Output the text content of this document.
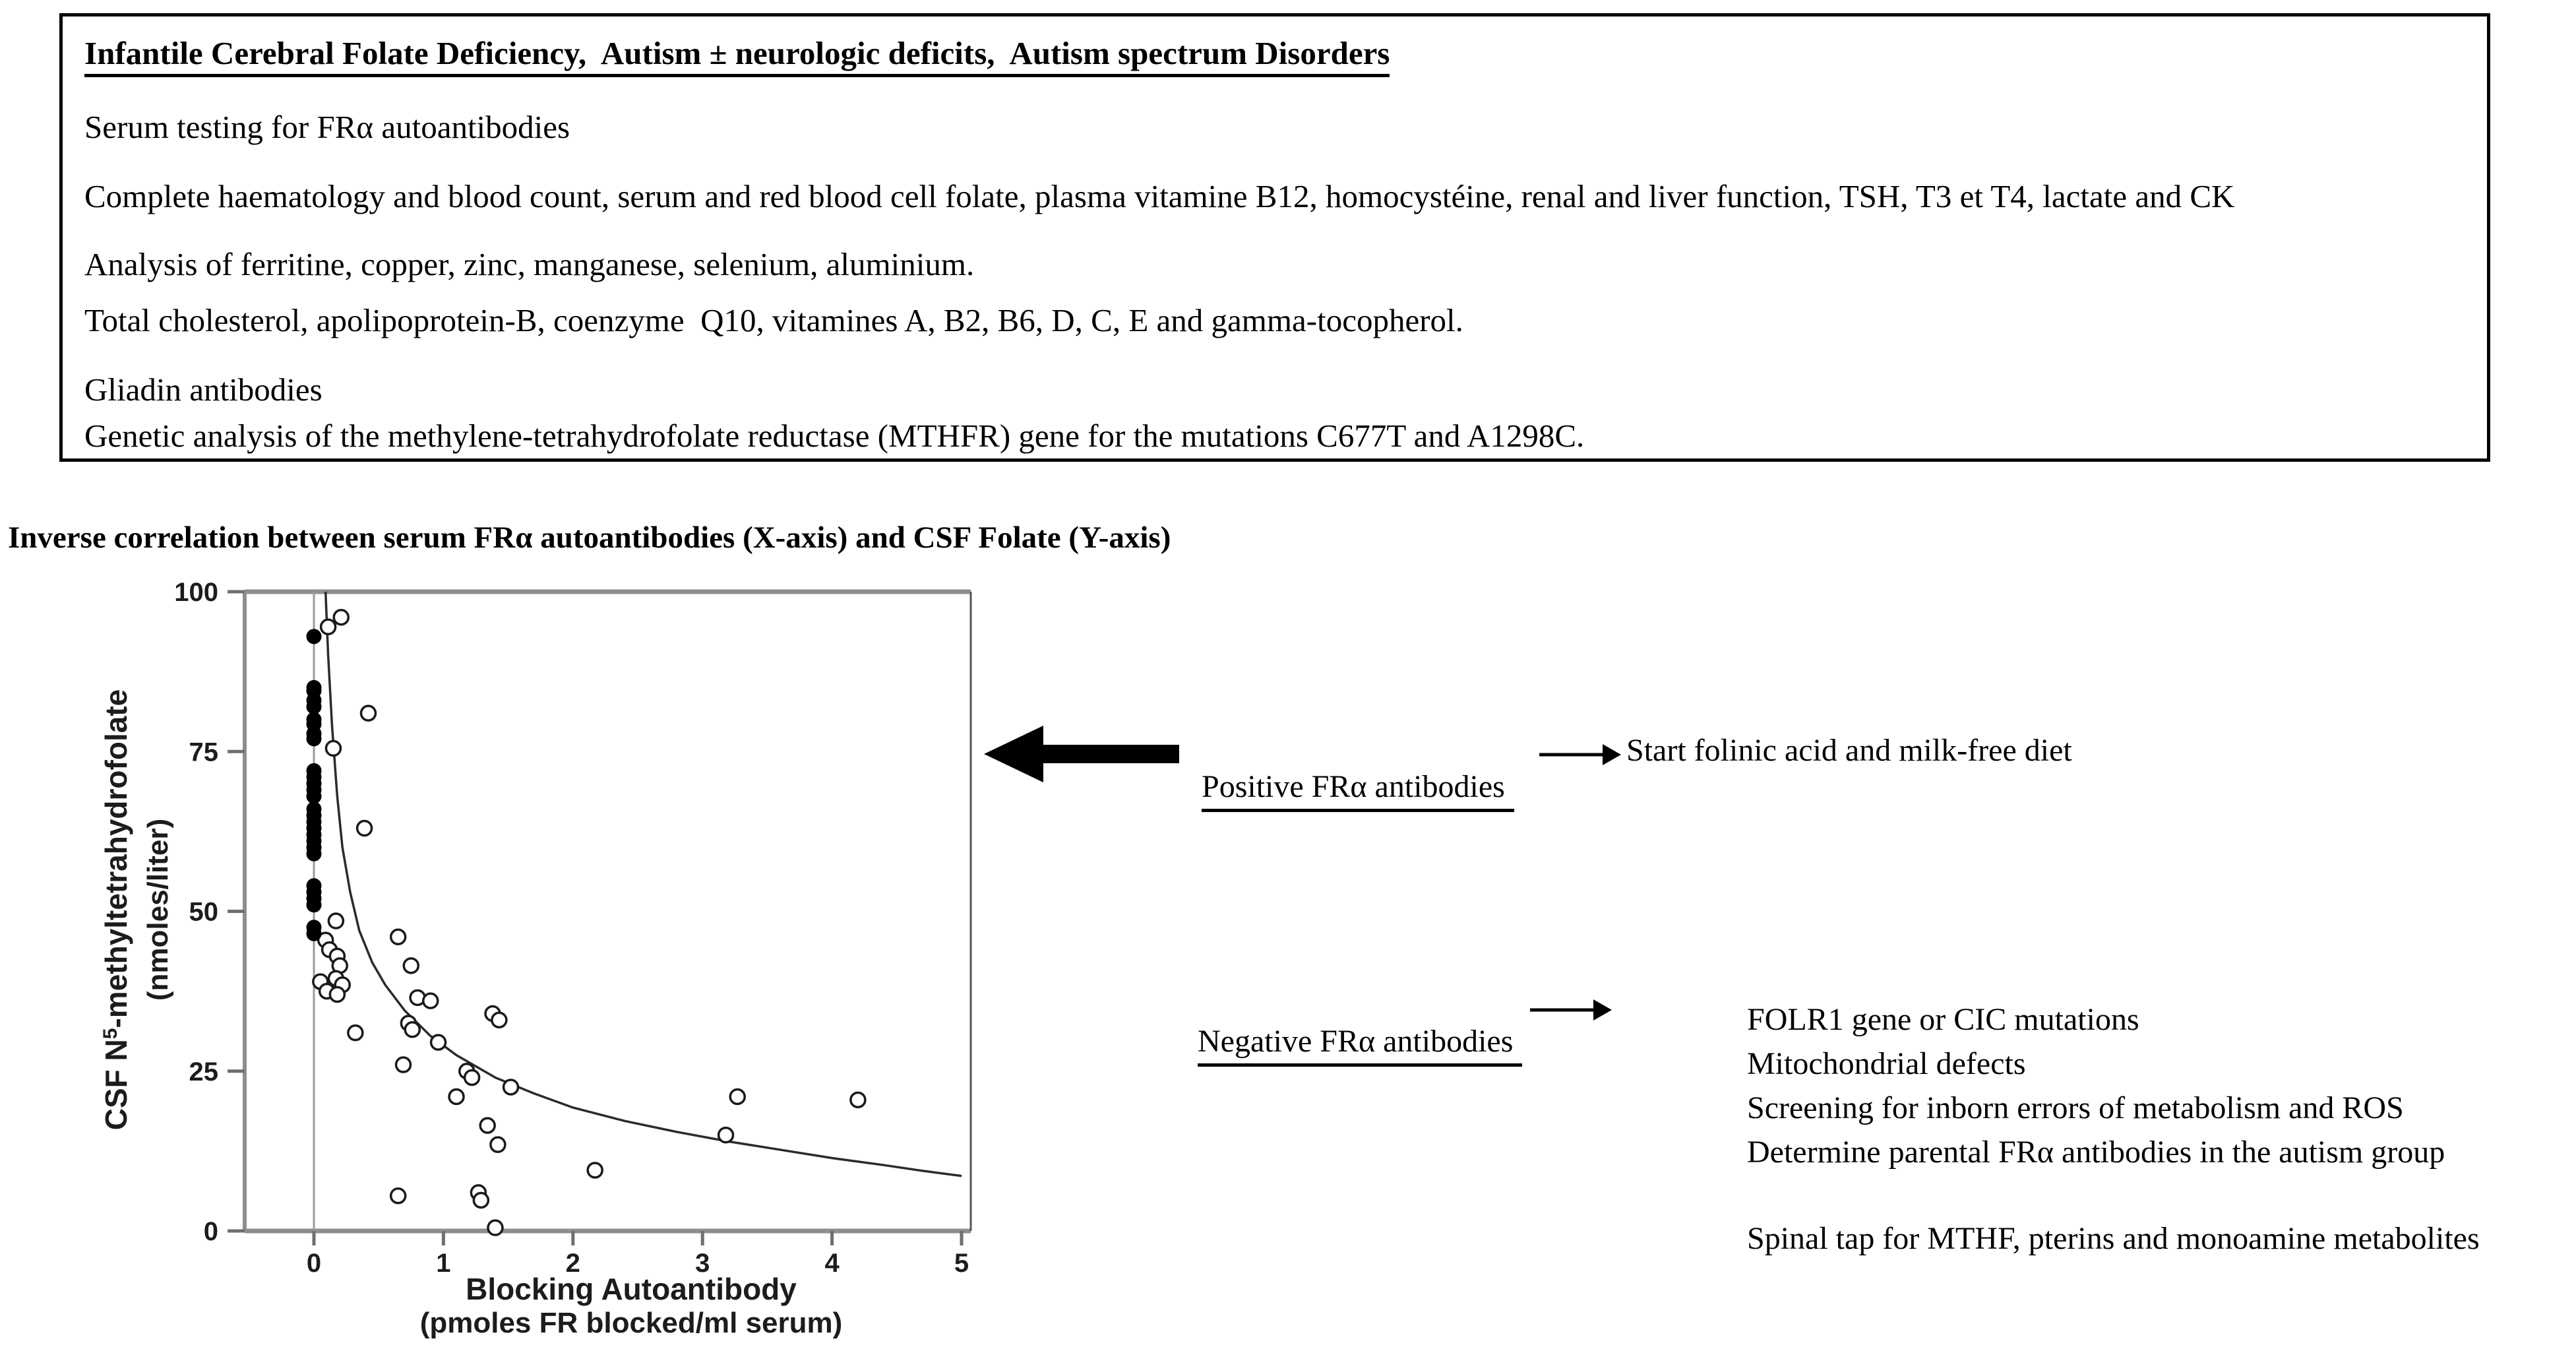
Infantile Cerebral Folate Deficiency,  Autism ± neurologic deficits,  Autism spectrum Disorders
Serum testing for FRα autoantibodies
Complete haematology and blood count, serum and red blood cell folate, plasma vitamine B12, homocystéine, renal and liver function, TSH, T3 et T4, lactate and CK
Analysis of ferritine, copper, zinc, manganese, selenium, aluminium.
Total cholesterol, apolipoprotein-B, coenzyme  Q10, vitamines A, B2, B6, D, C, E and gamma-tocopherol.
Gliadin antibodies
Genetic analysis of the methylene-tetrahydrofolate reductase (MTHFR) gene for the mutations C677T and A1298C.
Inverse correlation between serum FRα autoantibodies (X-axis) and CSF Folate (Y-axis)
0
25
50
75
100
0	1	2	3	4	5
Blocking Autoantibody
(pmoles FR blocked/ml serum)
CSF $N^5$-methyltetrahydrofolate (nmoles/liter)

Positive FRα antibodies

Start folinic acid and milk-free diet

Negative FRα antibodies

FOLR1 gene or CIC mutations
Mitochondrial defects
Screening for inborn errors of metabolism and ROS
Determine parental FRα antibodies in the autism group
Spinal tap for MTHF, pterins and monoamine metabolites
